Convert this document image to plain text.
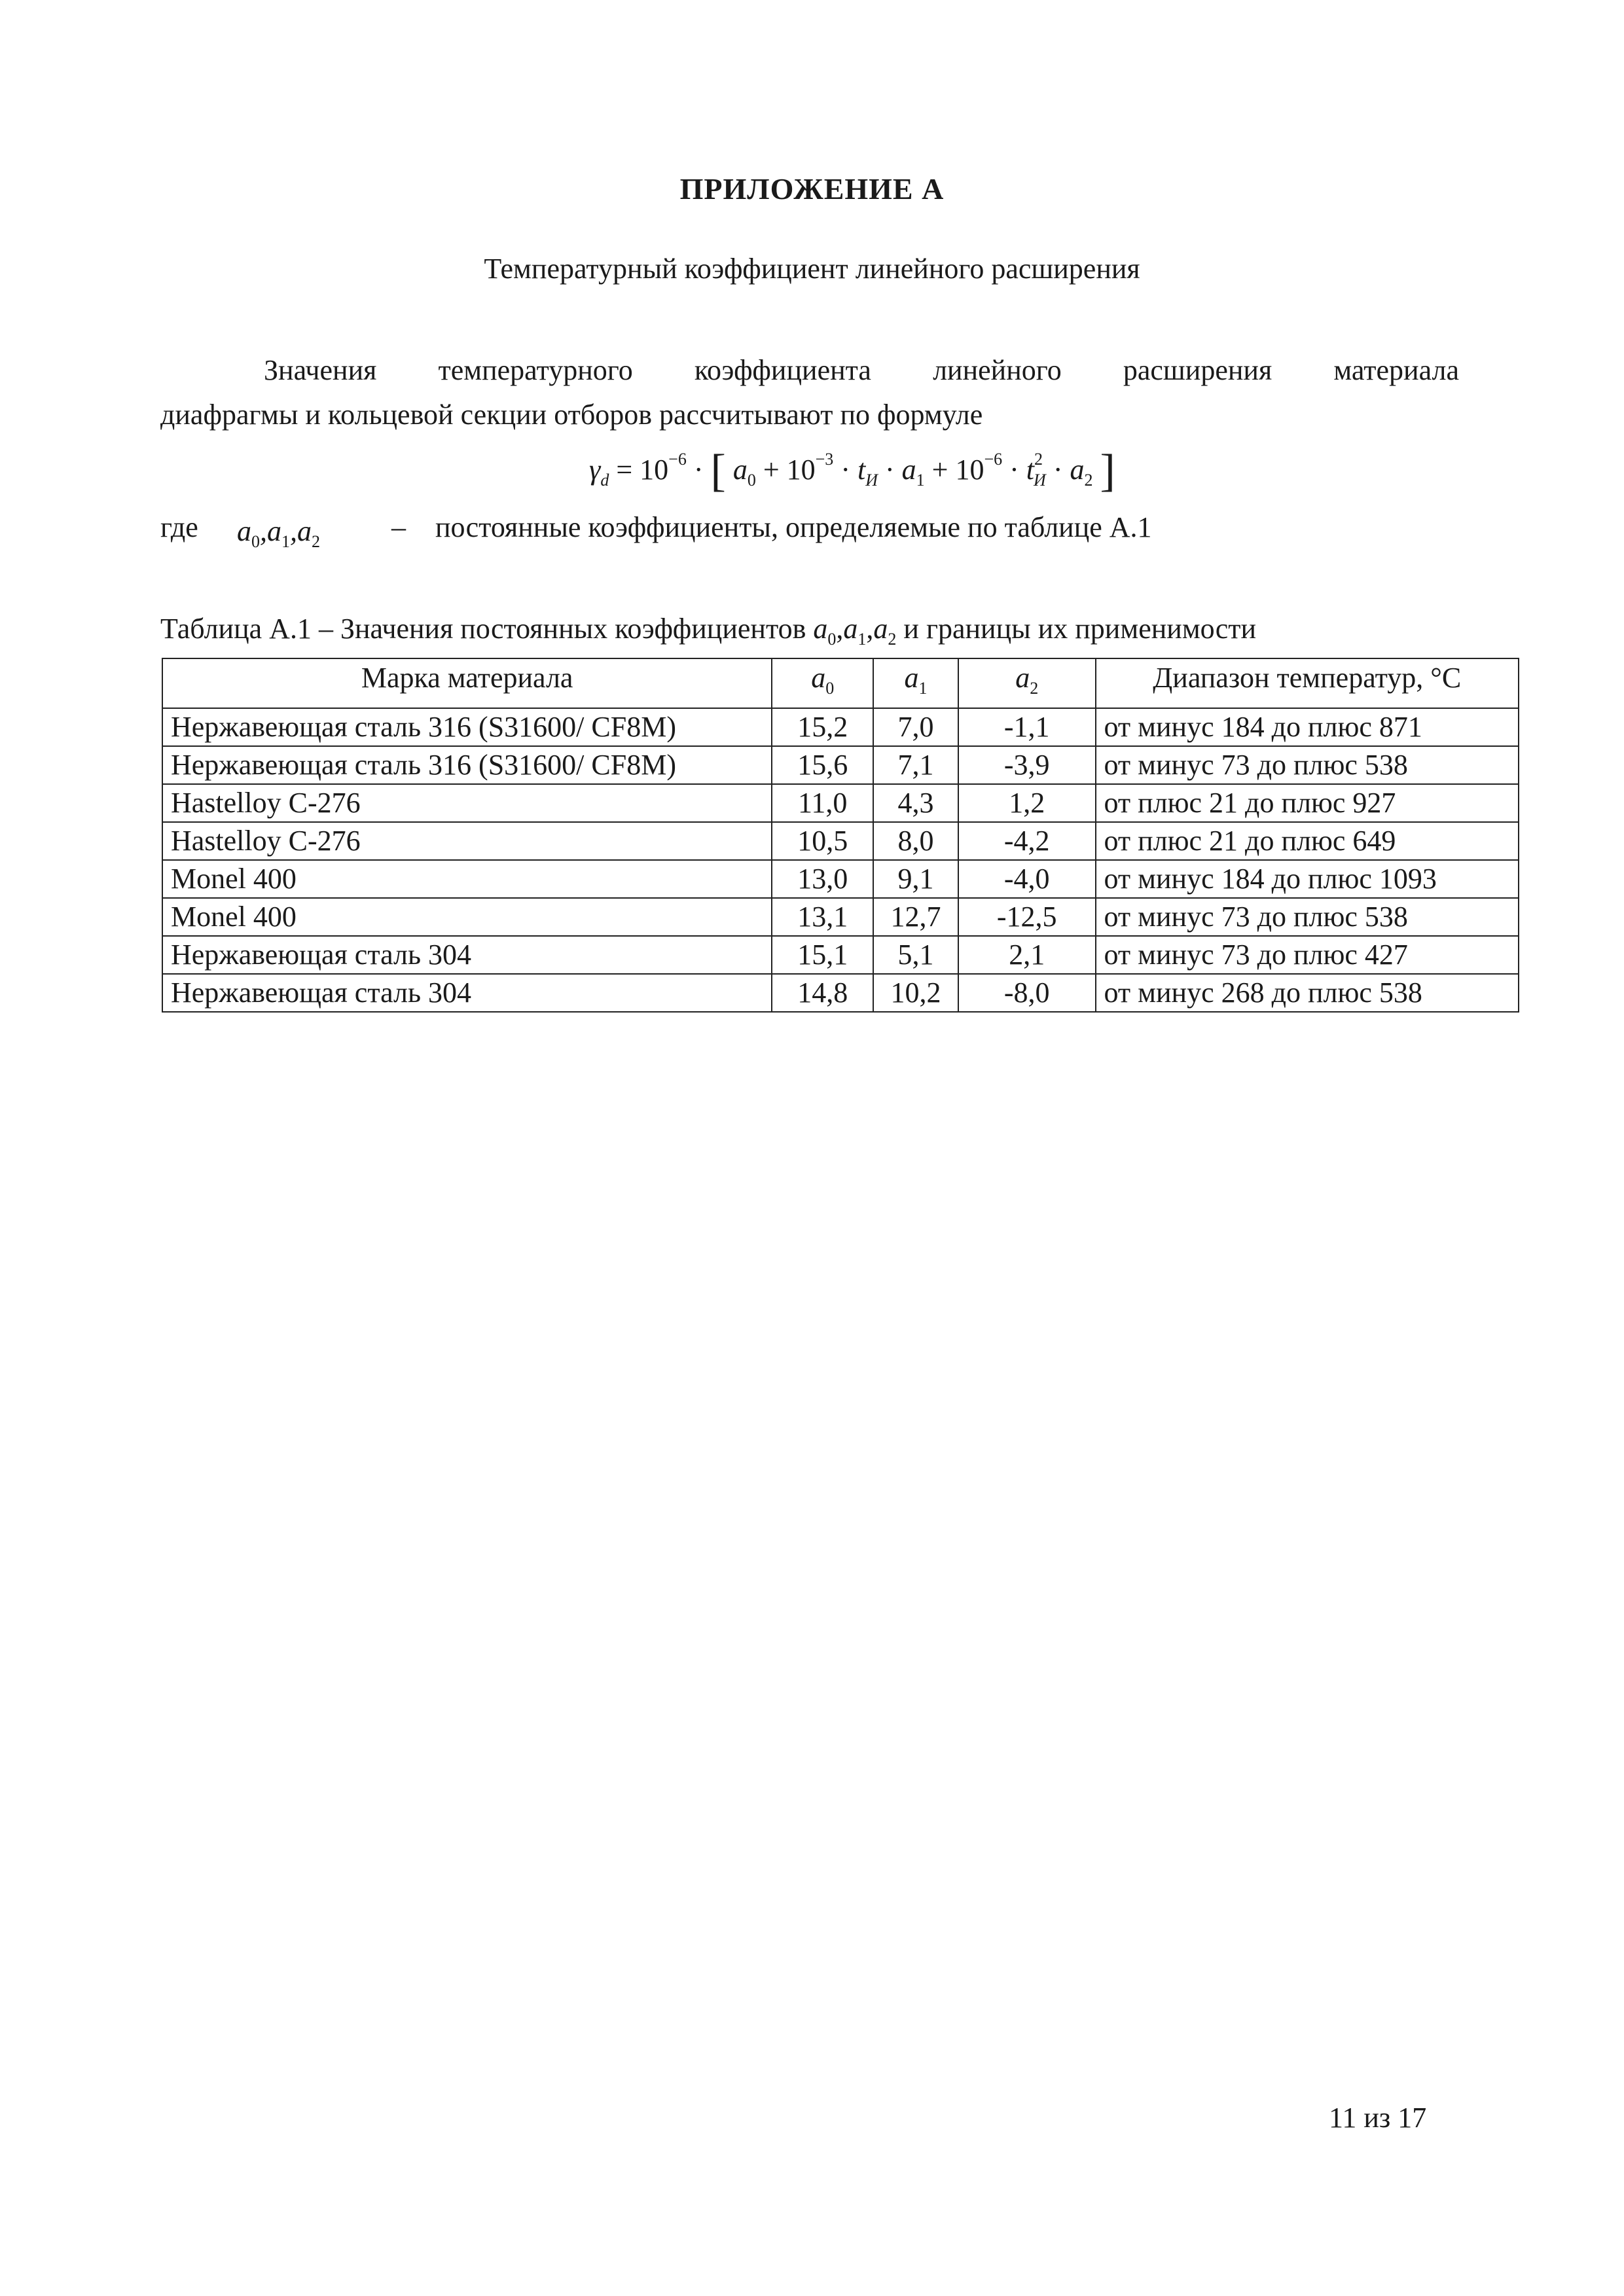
ПРИЛОЖЕНИЕ А
Температурный коэффициент линейного расширения
Значения температурного коэффициента линейного расширения материала
диафрагмы и кольцевой секции отборов рассчитывают по формуле
$\gamma_d = 10^{-6}$ · [ $a_0 + 10^{-3} \cdot t_И \cdot a_1 + 10^{-6} \cdot t^2_И \cdot a_2$ ]
где $a_0,a_1,a_2$ – постоянные коэффициенты, определяемые по таблице А.1
Таблица А.1 – Значения постоянных коэффициентов $a_0,a_1,a_2$ и границы их применимости
Марка материала	$a_0$	$a_1$	$a_2$	Диапазон температур, °С
Нержавеющая сталь 316 (S31600/ CF8M)	15,2	7,0	-1,1	от минус 184 до плюс 871
Нержавеющая сталь 316 (S31600/ CF8M)	15,6	7,1	-3,9	от минус 73 до плюс 538
Hastelloy C-276	11,0	4,3	1,2	от плюс 21 до плюс 927
Hastelloy C-276	10,5	8,0	-4,2	от плюс 21 до плюс 649
Monel 400	13,0	9,1	-4,0	от минус 184 до плюс 1093
Monel 400	13,1	12,7	-12,5	от минус 73 до плюс 538
Нержавеющая сталь 304	15,1	5,1	2,1	от минус 73 до плюс 427
Нержавеющая сталь 304	14,8	10,2	-8,0	от минус 268 до плюс 538
11 из 17
